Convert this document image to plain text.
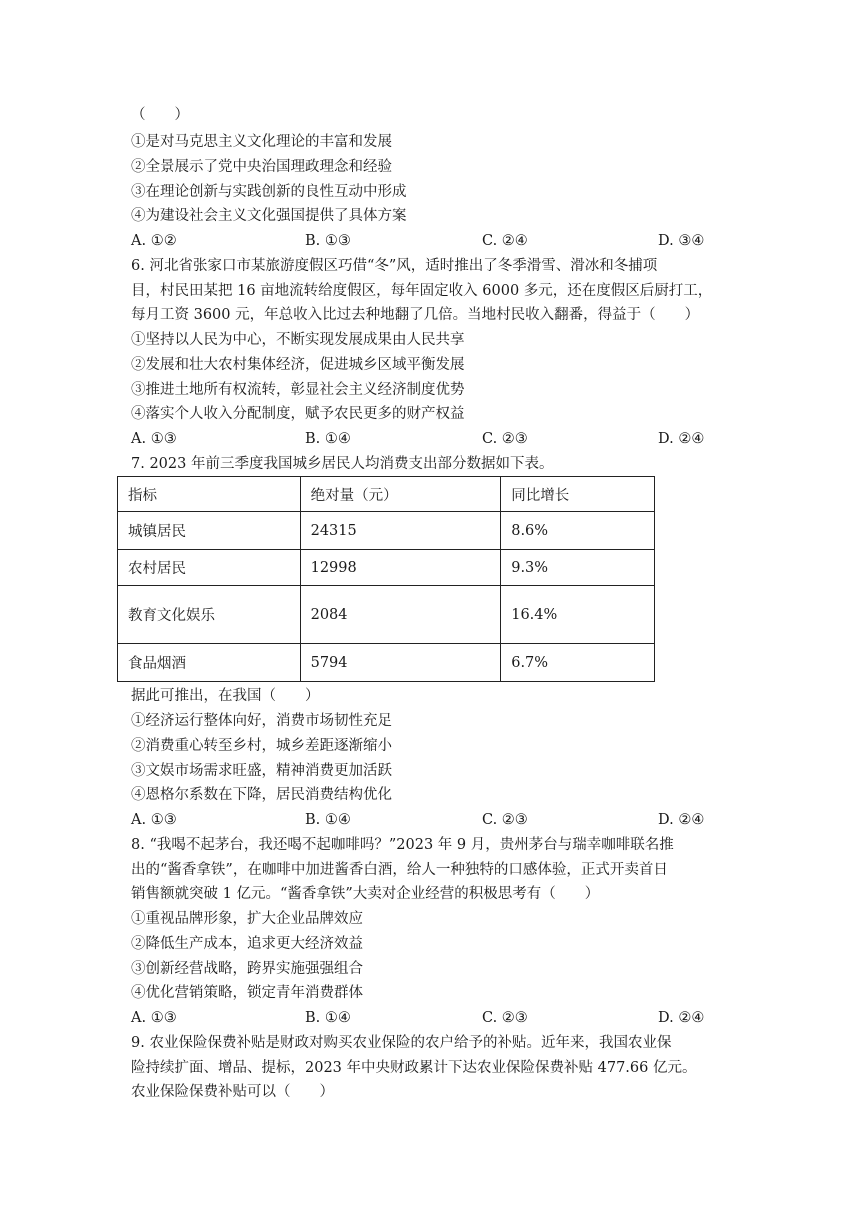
（　　）
①是对马克思主义文化理论的丰富和发展
②全景展示了党中央治国理政理念和经验
③在理论创新与实践创新的良性互动中形成
④为建设社会主义文化强国提供了具体方案
A. ①②	B. ①③	C. ②④	D. ③④
6. 河北省张家口市某旅游度假区巧借“冬”风，适时推出了冬季滑雪、滑冰和冬捕项
目，村民田某把 16 亩地流转给度假区，每年固定收入 6000 多元，还在度假区后厨打工，
每月工资 3600 元，年总收入比过去种地翻了几倍。当地村民收入翻番，得益于（　　）
①坚持以人民为中心，不断实现发展成果由人民共享
②发展和壮大农村集体经济，促进城乡区域平衡发展
③推进土地所有权流转，彰显社会主义经济制度优势
④落实个人收入分配制度，赋予农民更多的财产权益
A. ①③	B. ①④	C. ②③	D. ②④
7. 2023 年前三季度我国城乡居民人均消费支出部分数据如下表。
指标	绝对量（元）	同比增长
城镇居民	24315	8.6%
农村居民	12998	9.3%
教育文化娱乐	2084	16.4%
食品烟酒	5794	6.7%
据此可推出，在我国（　　）
①经济运行整体向好，消费市场韧性充足
②消费重心转至乡村，城乡差距逐渐缩小
③文娱市场需求旺盛，精神消费更加活跃
④恩格尔系数在下降，居民消费结构优化
A. ①③	B. ①④	C. ②③	D. ②④
8. “我喝不起茅台，我还喝不起咖啡吗？”2023 年 9 月，贵州茅台与瑞幸咖啡联名推
出的“酱香拿铁”，在咖啡中加进酱香白酒，给人一种独特的口感体验，正式开卖首日
销售额就突破 1 亿元。“酱香拿铁”大卖对企业经营的积极思考有（　　）
①重视品牌形象，扩大企业品牌效应
②降低生产成本，追求更大经济效益
③创新经营战略，跨界实施强强组合
④优化营销策略，锁定青年消费群体
A. ①③	B. ①④	C. ②③	D. ②④
9. 农业保险保费补贴是财政对购买农业保险的农户给予的补贴。近年来，我国农业保
险持续扩面、增品、提标，2023 年中央财政累计下达农业保险保费补贴 477.66 亿元。
农业保险保费补贴可以（　　）
